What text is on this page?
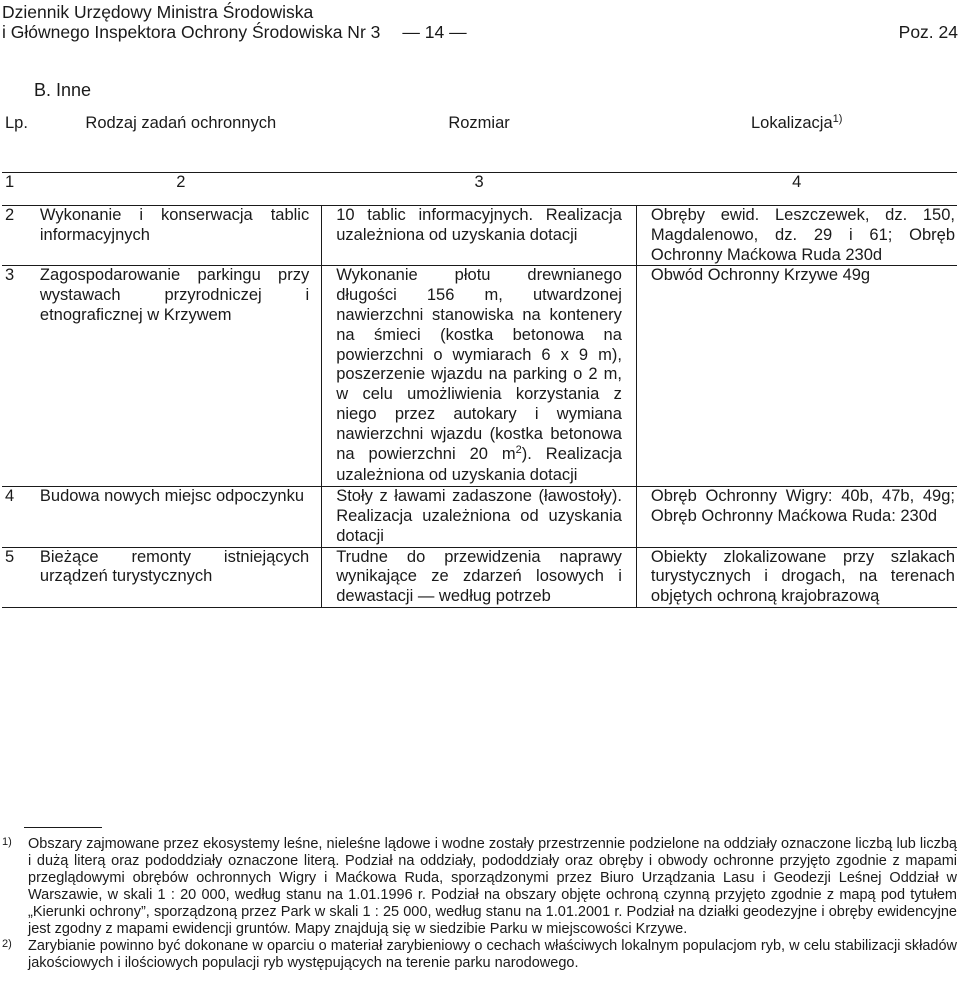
Dziennik Urzędowy Ministra Środowiska
i Głównego Inspektora Ochrony Środowiska Nr 3 — 14 —	Poz. 24
B. Inne
Lp.	Rodzaj zadań ochronnych	Rozmiar	Lokalizacja$^{1)}$
1	2	3	4
2	Wykonanie i konserwacja tablic informacyjnych	10 tablic informacyjnych. Realizacja uzależniona od uzyskania dotacji	Obręby ewid. Leszczewek, dz. 150, Magdalenowo, dz. 29 i 61; Obręb Ochronny Maćkowa Ruda 230d
3	Zagospodarowanie parkingu przy wystawach przyrodniczej i etnograficznej w Krzywem	Wykonanie płotu drewnianego długości 156 m, utwardzonej nawierzchni stanowiska na kontenery na śmieci (kostka betonowa na powierzchni o wymiarach 6 x 9 m), poszerzenie wjazdu na parking o 2 m, w celu umożliwienia korzystania z niego przez autokary i wymiana nawierzchni wjazdu (kostka betonowa na powierzchni 20 $m^2$). Realizacja uzależniona od uzyskania dotacji	Obwód Ochronny Krzywe 49g
4	Budowa nowych miejsc odpoczynku	Stoły z ławami zadaszone (ławostoły). Realizacja uzależniona od uzyskania dotacji	Obręb Ochronny Wigry: 40b, 47b, 49g; Obręb Ochronny Maćkowa Ruda: 230d
5	Bieżące remonty istniejących urządzeń turystycznych	Trudne do przewidzenia naprawy wynikające ze zdarzeń losowych i dewastacji — według potrzeb	Obiekty zlokalizowane przy szlakach turystycznych i drogach, na terenach objętych ochroną krajobrazową
1)	Obszary zajmowane przez ekosystemy leśne, nieleśne lądowe i wodne zostały przestrzennie podzielone na oddziały oznaczone liczbą lub liczbą i dużą literą oraz pododdziały oznaczone literą. Podział na oddziały, pododdziały oraz obręby i obwody ochronne przyjęto zgodnie z mapami przeglądowymi obrębów ochronnych Wigry i Maćkowa Ruda, sporządzonymi przez Biuro Urządzania Lasu i Geodezji Leśnej Oddział w Warszawie, w skali 1 : 20 000, według stanu na 1.01.1996 r. Podział na obszary objęte ochroną czynną przyjęto zgodnie z mapą pod tytułem „Kierunki ochrony”, sporządzoną przez Park w skali 1 : 25 000, według stanu na 1.01.2001 r. Podział na działki geodezyjne i obręby ewidencyjne jest zgodny z mapami ewidencji gruntów. Mapy znajdują się w siedzibie Parku w miejscowości Krzywe.
2)	Zarybianie powinno być dokonane w oparciu o materiał zarybieniowy o cechach właściwych lokalnym populacjom ryb, w celu stabilizacji składów jakościowych i ilościowych populacji ryb występujących na terenie parku narodowego.
